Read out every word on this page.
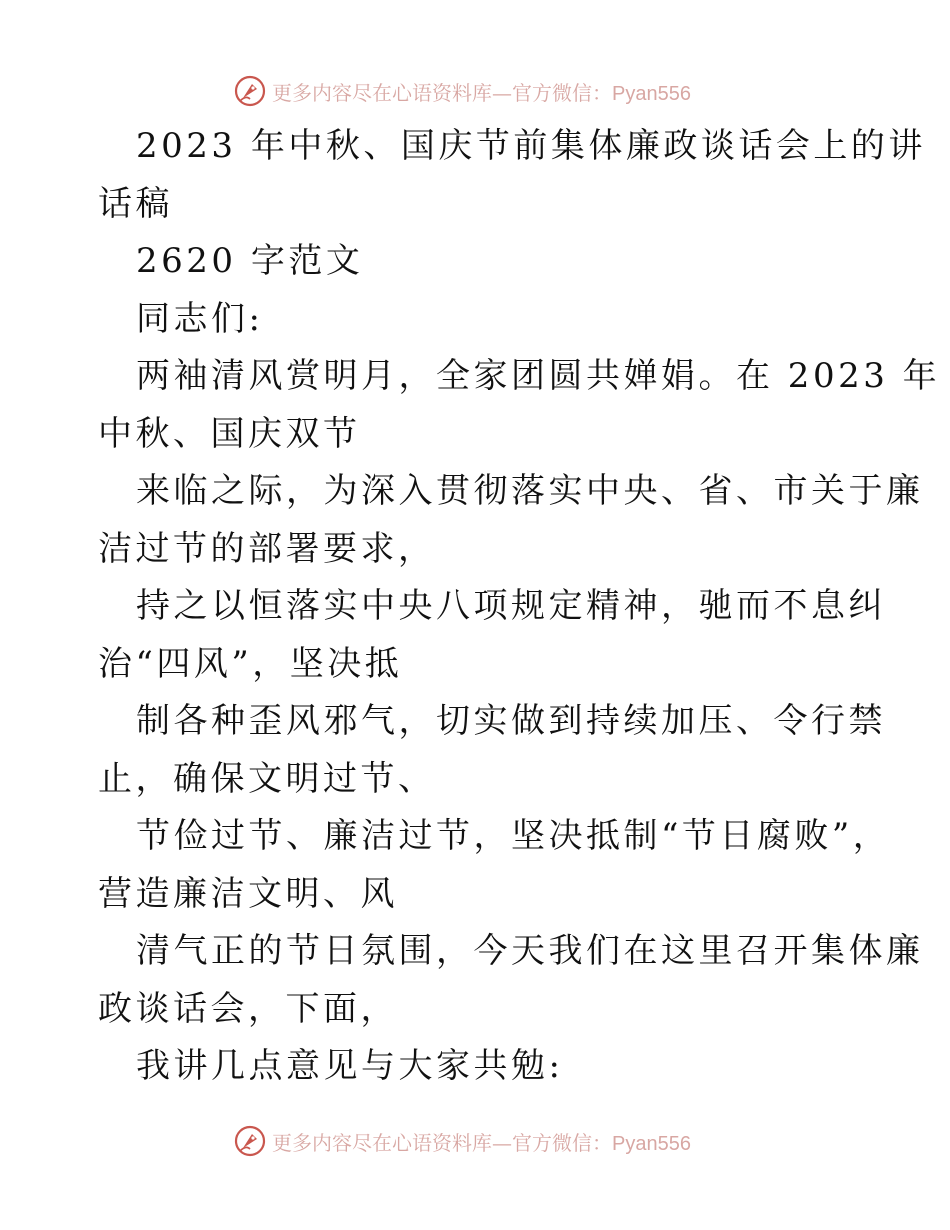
更多内容尽在心语资料库—官方微信：Pyan556
2023 年中秋、国庆节前集体廉政谈话会上的讲
话稿
2620 字范文
同志们:
两袖清风赏明月，全家团圆共婵娟。在 2023 年
中秋、国庆双节
来临之际，为深入贯彻落实中央、省、市关于廉
洁过节的部署要求，
持之以恒落实中央八项规定精神，驰而不息纠
治“四风”，坚决抵
制各种歪风邪气，切实做到持续加压、令行禁
止，确保文明过节、
节俭过节、廉洁过节，坚决抵制“节日腐败”，
营造廉洁文明、风
清气正的节日氛围，今天我们在这里召开集体廉
政谈话会，下面，
我讲几点意见与大家共勉:
更多内容尽在心语资料库—官方微信：Pyan556
